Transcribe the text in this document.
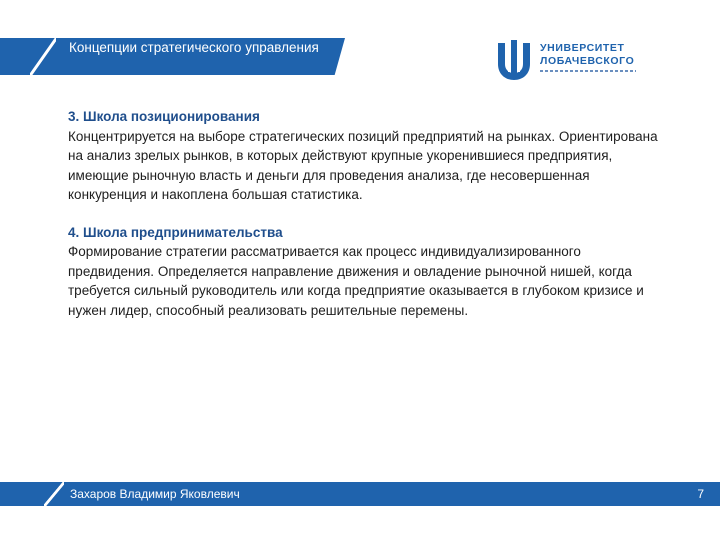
Концепции стратегического управления	УНИВЕРСИТЕТ
ЛОБАЧЕВСКОГО
3. Школа позиционирования

Концентрируется на выборе стратегических позиций предприятий на рынках. Ориентирована на анализ зрелых рынков, в которых действуют крупные укоренившиеся предприятия, имеющие рыночную власть и деньги для проведения анализа, где несовершенная конкуренция и накоплена большая статистика.

4. Школа предпринимательства

Формирование стратегии рассматривается как процесс индивидуализированного предвидения. Определяется направление движения и овладение рыночной нишей, когда требуется сильный руководитель или когда предприятие оказывается в глубоком кризисе и нужен лидер, способный реализовать решительные перемены.

Захаров Владимир Яковлевич	7
